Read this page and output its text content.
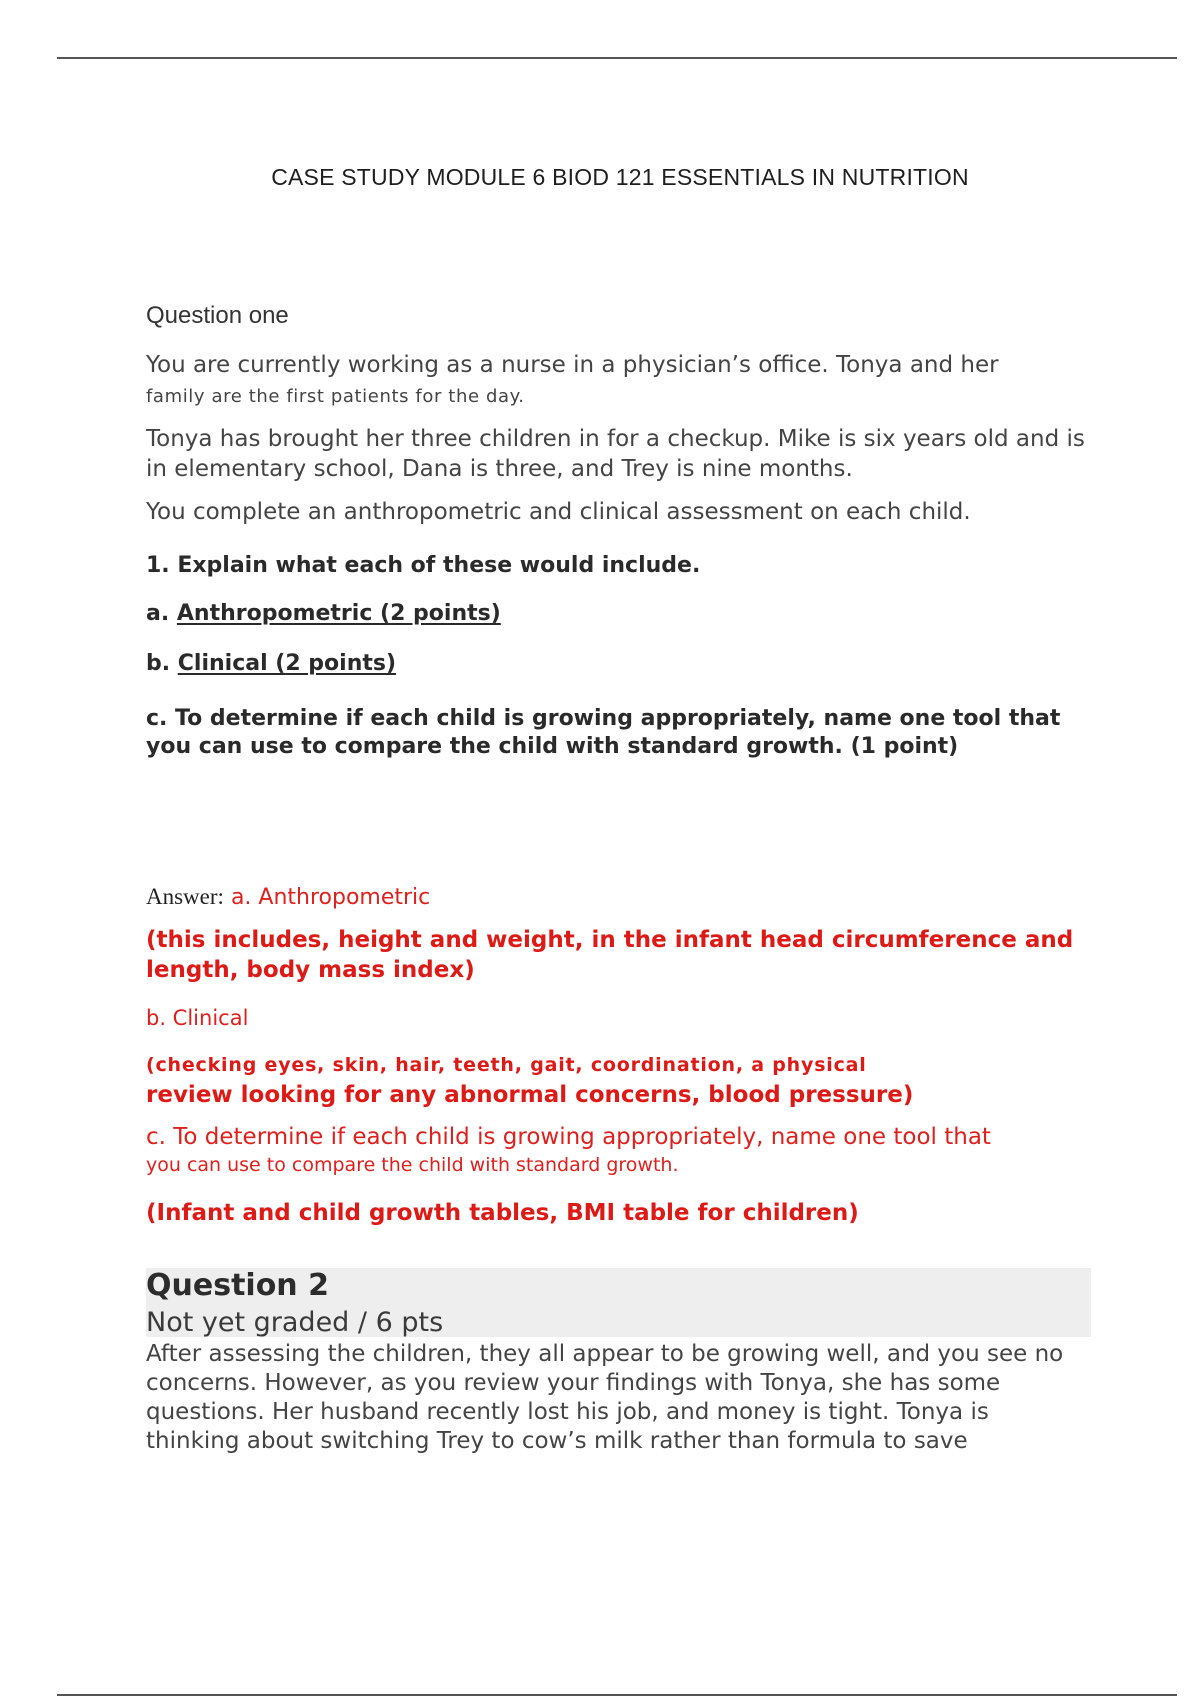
CASE STUDY MODULE 6 BIOD 121 ESSENTIALS IN NUTRITION
Question one
You are currently working as a nurse in a physician’s office. Tonya and her
family are the first patients for the day.
Tonya has brought her three children in for a checkup. Mike is six years old and is in elementary school, Dana is three, and Trey is nine months.
You complete an anthropometric and clinical assessment on each child.
1. Explain what each of these would include.
a. Anthropometric (2 points)
b. Clinical (2 points)
c. To determine if each child is growing appropriately, name one tool that you can use to compare the child with standard growth. (1 point)
Answer: a. Anthropometric
(this includes, height and weight, in the infant head circumference and length, body mass index)
b. Clinical
(checking eyes, skin, hair, teeth, gait, coordination, a physical
review looking for any abnormal concerns, blood pressure)
c. To determine if each child is growing appropriately, name one tool that
you can use to compare the child with standard growth.
(Infant and child growth tables, BMI table for children)
Question 2
Not yet graded / 6 pts
After assessing the children, they all appear to be growing well, and you see no concerns. However, as you review your findings with Tonya, she has some questions. Her husband recently lost his job, and money is tight. Tonya is thinking about switching Trey to cow’s milk rather than formula to save
